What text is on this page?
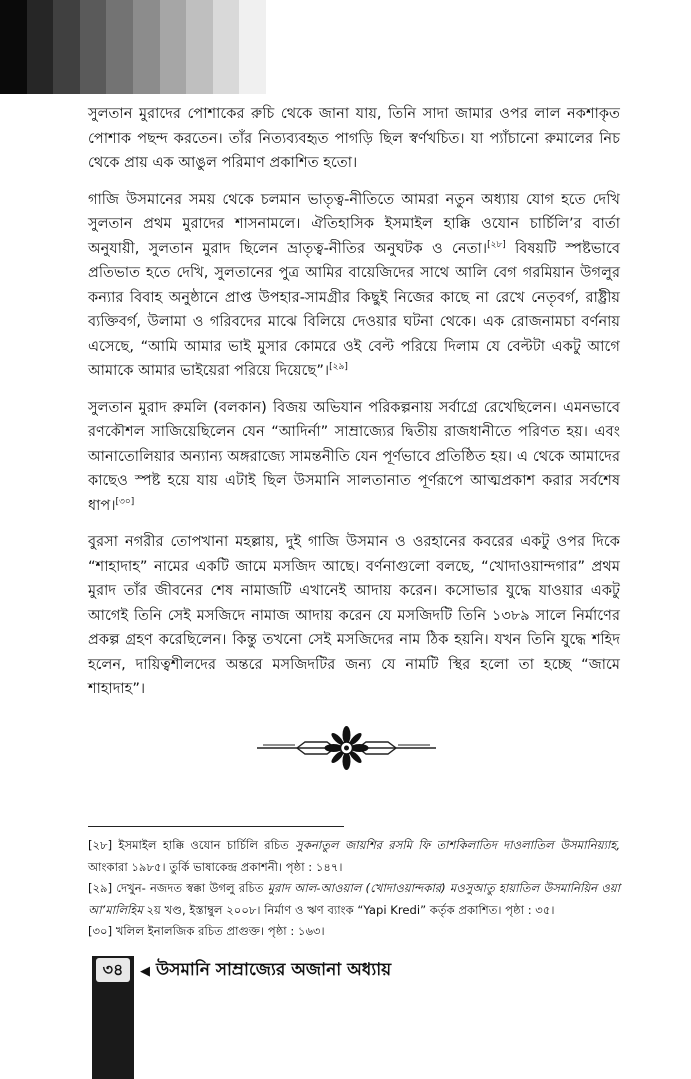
সুলতান মুরাদের পোশাকের রুচি থেকে জানা যায়, তিনি সাদা জামার ওপর লাল নকশাকৃত পোশাক পছন্দ করতেন। তাঁর নিত্যব্যবহৃত পাগড়ি ছিল স্বর্ণখচিত। যা প্যাঁচানো রুমালের নিচ থেকে প্রায় এক আঙুল পরিমাণ প্রকাশিত হতো।

গাজি উসমানের সময় থেকে চলমান ভাতৃত্ব-নীতিতে আমরা নতুন অধ্যায় যোগ হতে দেখি সুলতান প্রথম মুরাদের শাসনামলে। ঐতিহাসিক ইসমাইল হাক্কি ওযোন চার্চিলি’র বার্তা অনুযায়ী, সুলতান মুরাদ ছিলেন ভ্রাতৃত্ব-নীতির অনুঘটক ও নেতা।[২৮] বিষয়টি স্পষ্টভাবে প্রতিভাত হতে দেখি, সুলতানের পুত্র আমির বায়েজিদের সাথে আলি বেগ গরমিয়ান উগলুর কন্যার বিবাহ অনুষ্ঠানে প্রাপ্ত উপহার-সামগ্রীর কিছুই নিজের কাছে না রেখে নেতৃবর্গ, রাষ্ট্রীয় ব্যক্তিবর্গ, উলামা ও গরিবদের মাঝে বিলিয়ে দেওয়ার ঘটনা থেকে। এক রোজনামচা বর্ণনায় এসেছে, “আমি আমার ভাই মুসার কোমরে ওই বেল্ট পরিয়ে দিলাম যে বেল্টটা একটু আগে আমাকে আমার ভাইয়েরা পরিয়ে দিয়েছে”।[২৯]

সুলতান মুরাদ রুমলি (বলকান) বিজয় অভিযান পরিকল্পনায় সর্বাগ্রে রেখেছিলেন। এমনভাবে রণকৌশল সাজিয়েছিলেন যেন “আদির্না” সাম্রাজ্যের দ্বিতীয় রাজধানীতে পরিণত হয়। এবং আনাতোলিয়ার অন্যান্য অঙ্গরাজ্যে সামন্তনীতি যেন পূর্ণভাবে প্রতিষ্ঠিত হয়। এ থেকে আমাদের কাছেও স্পষ্ট হয়ে যায় এটাই ছিল উসমানি সালতানাত পূর্ণরূপে আত্মপ্রকাশ করার সর্বশেষ ধাপ।[৩০]

বুরসা নগরীর তোপখানা মহল্লায়, দুই গাজি উসমান ও ওরহানের কবরের একটু ওপর দিকে “শাহাদাহ” নামের একটি জামে মসজিদ আছে। বর্ণনাগুলো বলছে, “খোদাওয়ান্দগার” প্রথম মুরাদ তাঁর জীবনের শেষ নামাজটি এখানেই আদায় করেন। কসোভার যুদ্ধে যাওয়ার একটু আগেই তিনি সেই মসজিদে নামাজ আদায় করেন যে মসজিদটি তিনি ১৩৮৯ সালে নির্মাণের প্রকল্প গ্রহণ করেছিলেন। কিন্তু তখনো সেই মসজিদের নাম ঠিক হয়নি। যখন তিনি যুদ্ধে শহিদ হলেন, দায়িত্বশীলদের অন্তরে মসজিদটির জন্য যে নামটি স্থির হলো তা হচ্ছে “জামে শাহাদাহ”।

[২৮] ইসমাইল হাক্কি ওযোন চার্চিলি রচিত সুকনাতুল জায়শির রসমি ফি তাশকিলাতিদ দাওলাতিল উসমানিয়্যাহ, আংকারা ১৯৮৫। তুর্কি ভাষাকেন্দ্র প্রকাশনী। পৃষ্ঠা : ১৪৭।

[২৯] দেখুন- নজদত স্বক্কা উগলু রচিত মুরাদ আল-আওয়াল (খোদাওয়ান্দকার) মওসুআতু হায়াতিল উসমানিয়িন ওয়া আ’মালিহিম ২য় খণ্ড, ইস্তাম্বুল ২০০৮। নির্মাণ ও ঋণ ব্যাংক “Yapi Kredi” কর্তৃক প্রকাশিত। পৃষ্ঠা : ৩৫।

[৩০] খলিল ইনালজিক রচিত প্রাগুক্ত। পৃষ্ঠা : ১৬৩।

৩৪	◀ উসমানি সাম্রাজ্যের অজানা অধ্যায়
